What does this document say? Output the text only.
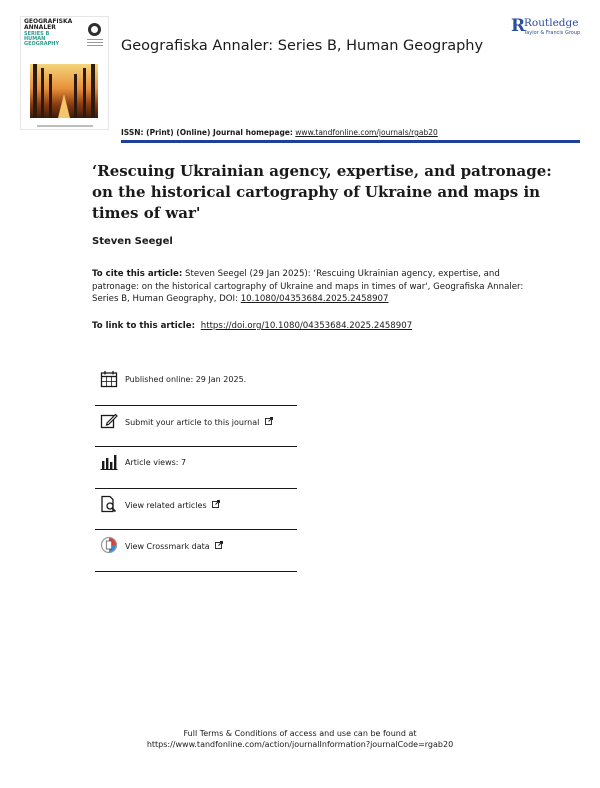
GEOGRAFISKA
ANNALER
SERIES B
HUMAN
GEOGRAPHY	Geografiska Annaler: Series B, Human Geography
R
Routledge
Taylor & Francis Group
ISSN: (Print) (Online) Journal homepage: www.tandfonline.com/journals/rgab20
‘Rescuing Ukrainian agency, expertise, and patronage: on the historical cartography of Ukraine and maps in times of war'
Steven Seegel
To cite this article: Steven Seegel (29 Jan 2025): ‘Rescuing Ukrainian agency, expertise, and patronage: on the historical cartography of Ukraine and maps in times of war', Geografiska Annaler: Series B, Human Geography, DOI: 10.1080/04353684.2025.2458907
To link to this article: https://doi.org/10.1080/04353684.2025.2458907
Published online: 29 Jan 2025.
Submit your article to this journal
Article views: 7
View related articles
View Crossmark data
Full Terms & Conditions of access and use can be found at
https://www.tandfonline.com/action/journalInformation?journalCode=rgab20
